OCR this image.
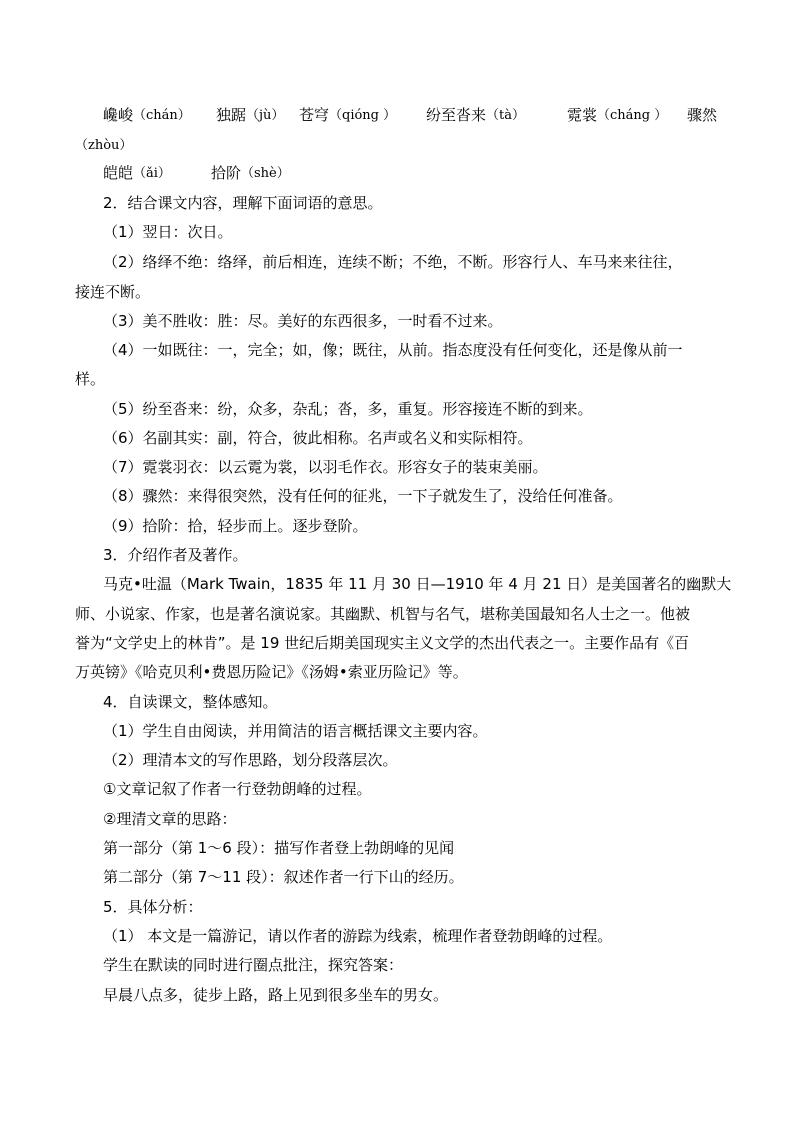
巉峻 （chán） 独踞 （jù） 苍穹 （qióng ） 纷至沓来 （tà）	霓裳 （cháng ） 骤然
（zhòu）
皑皑 （ǎi）	拾阶 （shè）
2．结合课文内容，理解下面词语的意思。
（1）翌日：次日。
（2）络绎不绝：络绎，前后相连，连续不断；不绝，不断。形容行人、车马来来往往，
接连不断。
（3）美不胜收：胜：尽。美好的东西很多，一时看不过来。
（4）一如既往：一，完全；如，像；既往，从前。指态度没有任何变化，还是像从前一
样。
（5）纷至沓来：纷，众多，杂乱；沓，多，重复。形容接连不断的到来。
（6）名副其实：副，符合，彼此相称。名声或名义和实际相符。
（7）霓裳羽衣：以云霓为裳，以羽毛作衣。形容女子的装束美丽。
（8）骤然：来得很突然，没有任何的征兆，一下子就发生了，没给任何准备。
（9）拾阶：拾，轻步而上。逐步登阶。
3．介绍作者及著作。
马克•吐温（Mark Twain，1835 年 11 月 30 日—1910 年 4 月 21 日）是美国著名的幽默大
师、小说家、作家，也是著名演说家。其幽默、机智与名气，堪称美国最知名人士之一。他被
誉为“文学史上的林肯”。是 19 世纪后期美国现实主义文学的杰出代表之一。主要作品有《百
万英镑》《哈克贝利•费恩历险记》《汤姆•索亚历险记》等。
4．自读课文，整体感知。
（1）学生自由阅读，并用简洁的语言概括课文主要内容。
（2）理清本文的写作思路，划分段落层次。
①文章记叙了作者一行登勃朗峰的过程。
②理清文章的思路：
第一部分（第 1～6 段）：描写作者登上勃朗峰的见闻
第二部分（第 7～11 段）：叙述作者一行下山的经历。
5．具体分析：
（1） 本文是一篇游记，请以作者的游踪为线索，梳理作者登勃朗峰的过程。
学生在默读的同时进行圈点批注，探究答案：
早晨八点多，徒步上路，路上见到很多坐车的男女。
